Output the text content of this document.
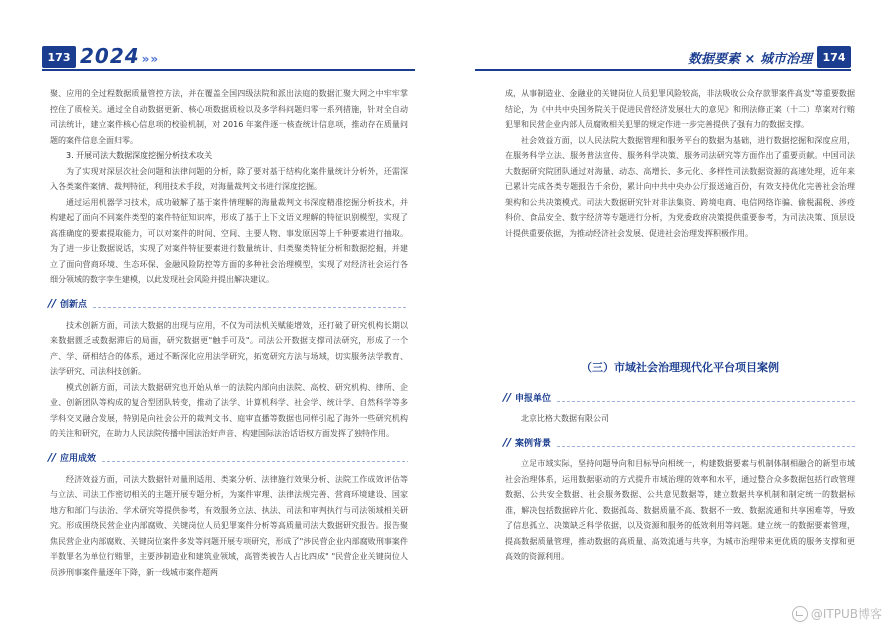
173 2024 »»

聚、应用的全过程数据质量管控方法，并在覆盖全国四级法院和派出法庭的数据汇聚大网之中牢牢掌控住了质检关。通过全自动数据更新、核心项数据质检以及多学科问题归零一系列措施，针对全自动司法统计，建立案件核心信息项的校验机制，对 2016 年案件逐一核查统计信息项，推动存在质量问题的案件信息全面归零。

3. 开展司法大数据深度挖掘分析技术攻关

为了实现对深层次社会问题和法律问题的分析，除了要对基于结构化案件量统计分析外，还需深入各类案件案情、裁判特征，利用技术手段，对海量裁判文书进行深度挖掘。

通过运用机器学习技术，成功破解了基于案件情理解的海量裁判文书深度精准挖掘分析技术，并构建起了面向不同案件类型的案件特征知识库，形成了基于上下文语义理解的特征识别模型，实现了高准确度的要素提取能力，可以对案件的时间、空间、主要人物、事发原因等上千种要素进行抽取。为了进一步让数据说话，实现了对案件特征要素进行数量统计、归类聚类特征分析和数据挖掘，并建立了面向营商环境、生态环保、金融风险防控等方面的多种社会治理模型，实现了对经济社会运行各细分领域的数字孪生建模，以此发现社会风险并提出解决建议。

// 创新点

技术创新方面，司法大数据的出现与应用，不仅为司法机关赋能增效，还打破了研究机构长期以来数据匮乏或数据滞后的局面，研究数据更"触手可及"。司法公开数据支撑司法研究，形成了一个产、学、研相结合的体系，通过不断深化应用法学研究，拓宽研究方法与场域，切实服务法学教育、法学研究、司法科技创新。

模式创新方面，司法大数据研究也开始从单一的法院内部向由法院、高校、研究机构、律所、企业、创新团队等构成的复合型团队转变，推动了法学、计算机科学、社会学、统计学、自然科学等多学科交叉融合发展，特别是向社会公开的裁判文书、庭审直播等数据也同样引起了海外一些研究机构的关注和研究，在助力人民法院传播中国法治好声音、构建国际法治话语权方面发挥了独特作用。

// 应用成效

经济效益方面，司法大数据针对量刑适用、类案分析、法律施行效果分析、法院工作成效评估等与立法、司法工作密切相关的主题开展专题分析，为案件审理、法律法规完善、营商环境建设、国家地方和部门与法治、学术研究等提供参考，有效服务立法、执法、司法和审判执行与司法领域相关研究。形成围绕民营企业内部腐败、关键岗位人员犯罪案件分析等高质量司法大数据研究报告。报告聚焦民营企业内部腐败、关键岗位案件多发等问题开展专项研究，形成了"涉民营企业内部腐败刑事案件半数罪名为单位行贿罪，主要涉制造业和建筑业领域，高管类被告人占比四成" "民营企业关键岗位人员涉刑事案件量逐年下降，新一线城市案件超两

数据要素 × 城市治理 174

成，从事制造业、金融业的关键岗位人员犯罪风险较高，非法吸收公众存款罪案件高发"等重要数据结论，为《中共中央国务院关于促进民营经济发展壮大的意见》和刑法修正案（十二）草案对行贿犯罪和民营企业内部人员腐败相关犯罪的规定作进一步完善提供了强有力的数据支撑。

社会效益方面，以人民法院大数据管理和服务平台的数据为基础，进行数据挖掘和深度应用，在服务科学立法、服务普法宣传、服务科学决策、服务司法研究等方面作出了重要贡献。中国司法大数据研究院团队通过对海量、动态、高增长、多元化、多样性司法数据资源的高速处理，近年来已累计完成各类专题报告千余份，累计向中共中央办公厅报送逾百份，有效支持优化完善社会治理架构和公共决策模式。司法大数据研究针对非法集资、跨境电商、电信网络诈骗、偷税漏税、涉疫科价、食品安全、数字经济等专题进行分析，为党委政府决策提供重要参考，为司法决策、顶层设计提供重要依据，为推动经济社会发展、促进社会治理发挥积极作用。

（三）市域社会治理现代化平台项目案例

// 申报单位

北京比格大数据有限公司

// 案例背景

立足市域实际，坚持问题导向和目标导向相统一，构建数据要素与机制体制相融合的新型市域社会治理体系，运用数据驱动的方式提升市域治理的效率和水平，通过整合众多数据包括行政管理数据、公共安全数据、社会服务数据、公共意见数据等，建立数据共享机制和制定统一的数据标准，解决包括数据碎片化、数据孤岛、数据质量不高、数据不一致、数据流通和共享困难等，导致了信息孤立、决策缺乏科学依据，以及资源和服务的低效利用等问题。建立统一的数据要素管理，提高数据质量管理，推动数据的高质量、高效流通与共享，为城市治理带来更优质的服务支撑和更高效的资源利用。

@ITPUB博客
